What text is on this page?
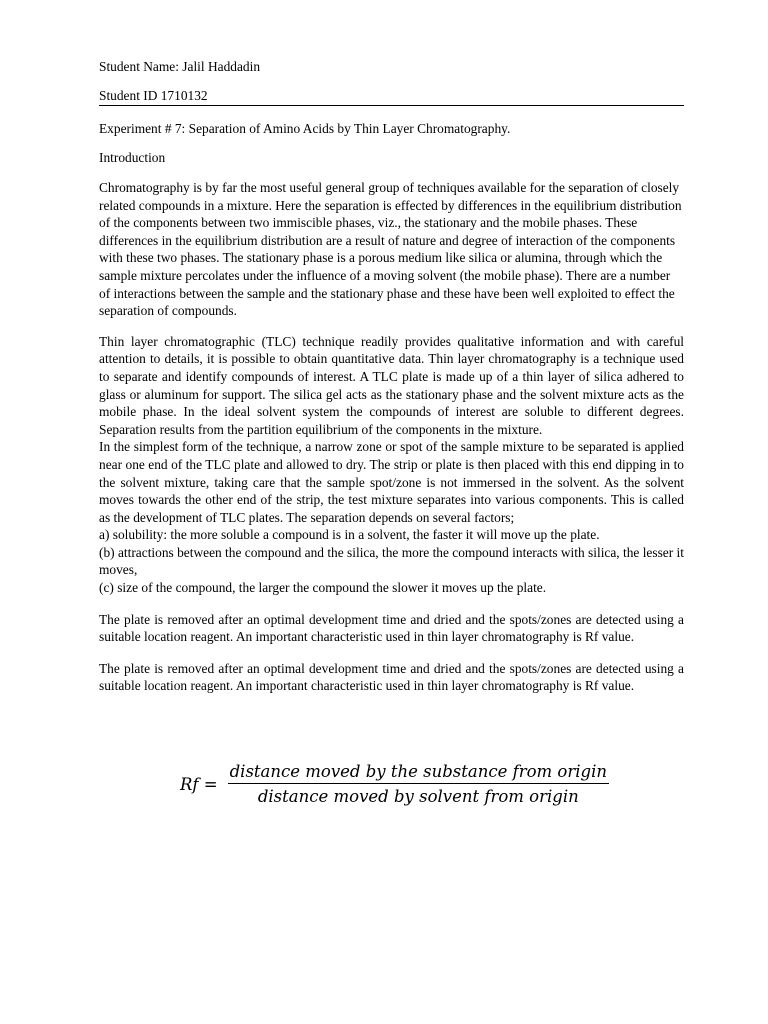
Student Name: Jalil Haddadin
Student ID 1710132
Experiment # 7: Separation of Amino Acids by Thin Layer Chromatography.
Introduction
Chromatography is by far the most useful general group of techniques available for the separation of closely related compounds in a mixture. Here the separation is effected by differences in the equilibrium distribution of the components between two immiscible phases, viz., the stationary and the mobile phases. These differences in the equilibrium distribution are a result of nature and degree of interaction of the components with these two phases. The stationary phase is a porous medium like silica or alumina, through which the sample mixture percolates under the influence of a moving solvent (the mobile phase). There are a number of interactions between the sample and the stationary phase and these have been well exploited to effect the separation of compounds.
Thin layer chromatographic (TLC) technique readily provides qualitative information and with careful attention to details, it is possible to obtain quantitative data. Thin layer chromatography is a technique used to separate and identify compounds of interest. A TLC plate is made up of a thin layer of silica adhered to glass or aluminum for support. The silica gel acts as the stationary phase and the solvent mixture acts as the mobile phase. In the ideal solvent system the compounds of interest are soluble to different degrees. Separation results from the partition equilibrium of the components in the mixture.
In the simplest form of the technique, a narrow zone or spot of the sample mixture to be separated is applied near one end of the TLC plate and allowed to dry. The strip or plate is then placed with this end dipping in to the solvent mixture, taking care that the sample spot/zone is not immersed in the solvent. As the solvent moves towards the other end of the strip, the test mixture separates into various components. This is called as the development of TLC plates. The separation depends on several factors;
a) solubility: the more soluble a compound is in a solvent, the faster it will move up the plate.
(b) attractions between the compound and the silica, the more the compound interacts with silica, the lesser it moves,
(c) size of the compound, the larger the compound the slower it moves up the plate.
The plate is removed after an optimal development time and dried and the spots/zones are detected using a suitable location reagent. An important characteristic used in thin layer chromatography is Rf value.
The plate is removed after an optimal development time and dried and the spots/zones are detected using a suitable location reagent. An important characteristic used in thin layer chromatography is Rf value.
$Rf = \frac{\text{distance moved by the substance from origin}}{\text{distance moved by solvent from origin}}$
